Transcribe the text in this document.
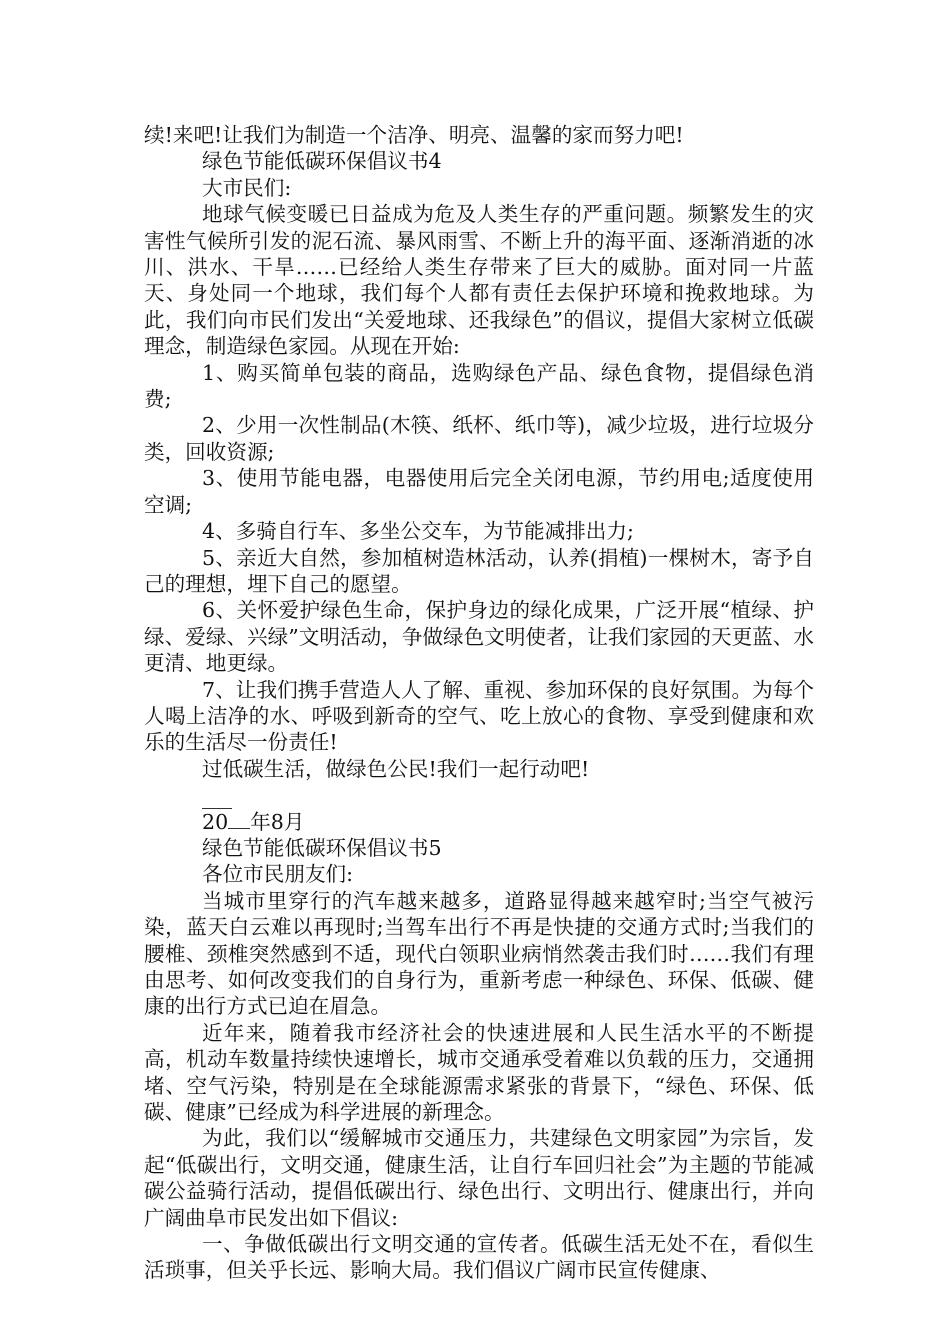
续!来吧!让我们为制造一个洁净、明亮、温馨的家而努力吧!

绿色节能低碳环保倡议书4

大市民们:

地球气候变暖已日益成为危及人类生存的严重问题。频繁发生的灾害性气候所引发的泥石流、暴风雨雪、不断上升的海平面、逐渐消逝的冰川、洪水、干旱……已经给人类生存带来了巨大的威胁。面对同一片蓝天、身处同一个地球，我们每个人都有责任去保护环境和挽救地球。为此，我们向市民们发出“关爱地球、还我绿色”的倡议，提倡大家树立低碳理念，制造绿色家园。从现在开始:

1、购买简单包装的商品，选购绿色产品、绿色食物，提倡绿色消费;

2、少用一次性制品(木筷、纸杯、纸巾等)，减少垃圾，进行垃圾分类，回收资源;

3、使用节能电器，电器使用后完全关闭电源，节约用电;适度使用空调;

4、多骑自行车、多坐公交车，为节能减排出力;

5、亲近大自然，参加植树造林活动，认养(捐植)一棵树木，寄予自己的理想，埋下自己的愿望。

6、关怀爱护绿色生命，保护身边的绿化成果，广泛开展“植绿、护绿、爱绿、兴绿”文明活动，争做绿色文明使者，让我们家园的天更蓝、水更清、地更绿。

7、让我们携手营造人人了解、重视、参加环保的良好氛围。为每个人喝上洁净的水、呼吸到新奇的空气、吃上放心的食物、享受到健康和欢乐的生活尽一份责任!

过低碳生活，做绿色公民!我们一起行动吧!

20 年8月

绿色节能低碳环保倡议书5

各位市民朋友们:

当城市里穿行的汽车越来越多，道路显得越来越窄时;当空气被污染，蓝天白云难以再现时;当驾车出行不再是快捷的交通方式时;当我们的腰椎、颈椎突然感到不适，现代白领职业病悄然袭击我们时……我们有理由思考、如何改变我们的自身行为，重新考虑一种绿色、环保、低碳、健康的出行方式已迫在眉急。

近年来，随着我市经济社会的快速进展和人民生活水平的不断提高，机动车数量持续快速增长，城市交通承受着难以负载的压力，交通拥堵、空气污染，特别是在全球能源需求紧张的背景下，“绿色、环保、低碳、健康”已经成为科学进展的新理念。

为此，我们以“缓解城市交通压力，共建绿色文明家园”为宗旨，发起“低碳出行，文明交通，健康生活，让自行车回归社会”为主题的节能减碳公益骑行活动，提倡低碳出行、绿色出行、文明出行、健康出行，并向广阔曲阜市民发出如下倡议:

一、争做低碳出行文明交通的宣传者。低碳生活无处不在，看似生活琐事，但关乎长远、影响大局。我们倡议广阔市民宣传健康、
